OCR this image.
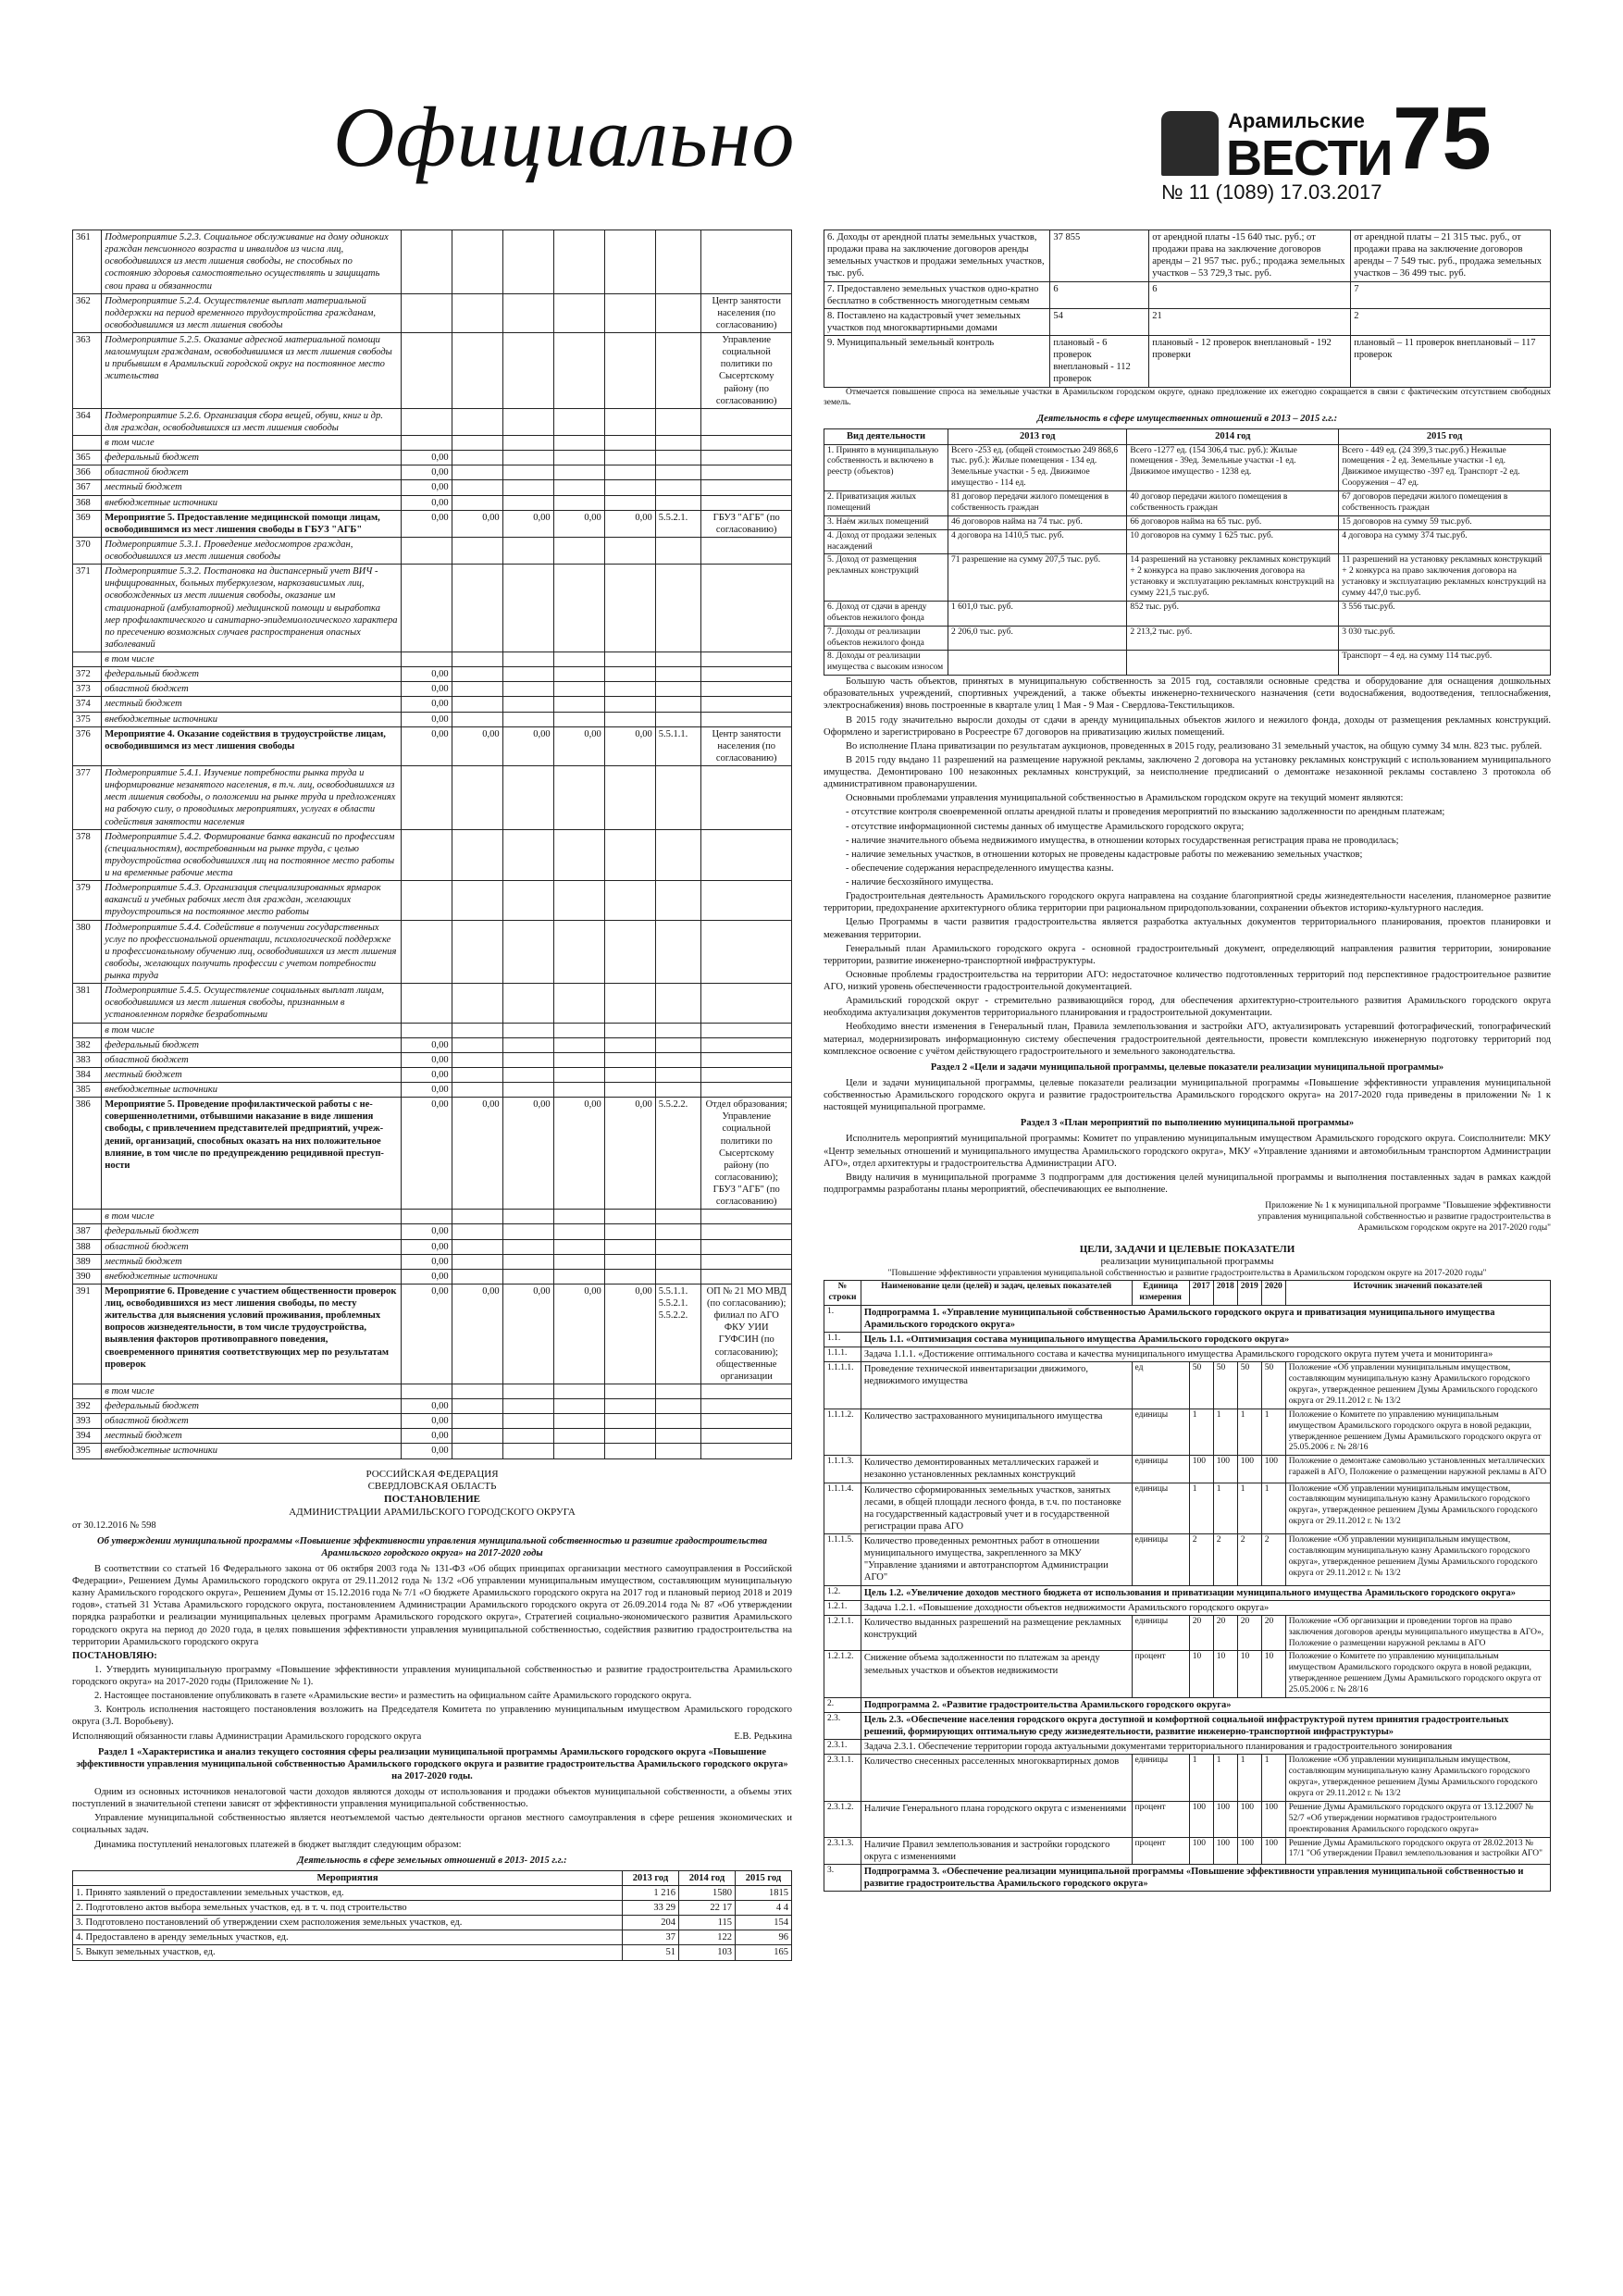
Официально	Арамильские
ВЕСТИ 75
№ 11 (1089) 17.03.2017
361	Подмероприятие 5.2.3. Социальное обслуживание на дому одиноких граждан пенсионного возраста и инвалидов из числа лиц, освободившихся из мест лишения свободы, не способных по состоянию здоровья самостоятельно осуществлять и защищать свои права и обязанности							
362	Подмероприятие 5.2.4. Осуществление выплат материальной поддержки на период временного трудоустройства гражданам, освободившимся из мест лишения свободы							Центр занятости населения (по согласованию)
363	Подмероприятие 5.2.5. Оказание адресной материальной помощи малоимущим гражданам, освободившимся из мест лишения свободы и прибывшим в Арамильский городской округ на постоянное место жительства							Управление социальной политики по Сысертскому району (по согласованию)
364	Подмероприятие 5.2.6. Организация сбора вещей, обуви, книг и др. для граждан, освободившихся из мест лишения свободы							
	в том числе							
365	федеральный бюджет	0,00						
366	областной бюджет	0,00						
367	местный бюджет	0,00						
368	внебюджетные источники	0,00						
369	Мероприятие 5. Предоставление медицинской помощи лицам, освободившимся из мест лишения свободы в ГБУЗ "АГБ"	0,00	0,00	0,00	0,00	0,00	5.5.2.1.	ГБУЗ "АГБ" (по согласованию)
370	Подмероприятие 5.3.1. Проведение медосмотров граждан, освободившихся из мест лишения свободы							
371	Подмероприятие 5.3.2. Постановка на диспансерный учет ВИЧ - инфицированных, больных туберкулезом, наркозависимых лиц, освобожденных из мест лишения свободы, оказание им стационарной (амбулаторной) медицинской помощи и выработка мер профилактического и санитарно-эпидемиологического характера по пресечению возможных случаев распространения опасных заболеваний							
	в том числе							
372	федеральный бюджет	0,00						
373	областной бюджет	0,00						
374	местный бюджет	0,00						
375	внебюджетные источники	0,00						
376	Мероприятие 4. Оказание содействия в трудоустройстве лицам, освободившимся из мест лишения свободы	0,00	0,00	0,00	0,00	0,00	5.5.1.1.	Центр занятости населения (по согласованию)
377	Подмероприятие 5.4.1. Изучение потребности рынка труда и информирование незанятого населения, в т.ч. лиц, освободившихся из мест лишения свободы, о положении на рынке труда и предложениях на рабочую силу, о проводимых мероприятиях, услугах в области содействия занятости населения							
378	Подмероприятие 5.4.2. Формирование банка вакансий по профессиям (специальностям), востребованным на рынке труда, с целью трудоустройства освободившихся лиц на постоянное место работы и на временные рабочие места							
379	Подмероприятие 5.4.3. Организация специализированных ярмарок вакансий и учебных рабочих мест для граждан, желающих трудоустроиться на постоянное место работы							
380	Подмероприятие 5.4.4. Содействие в получении государственных услуг по профессиональной ориентации, психологической поддержке и профессиональному обучению лиц, освободившихся из мест лишения свободы, желающих получить профессии с учетом потребности рынка труда							
381	Подмероприятие 5.4.5. Осуществление социальных выплат лицам, освободившимся из мест лишения свободы, признанным в установленном порядке безработными							
	в том числе							
382	федеральный бюджет	0,00						
383	областной бюджет	0,00						
384	местный бюджет	0,00						
385	внебюджетные источники	0,00						
386	Мероприятие 5. Проведение профилактической работы с не-совершеннолетними, отбывшими наказание в виде лишения свободы, с привлечением представителей предприятий, учреж-дений, организаций, способных оказать на них положительное влияние, в том числе по предупреждению рецидивной преступ-ности	0,00	0,00	0,00	0,00	0,00	5.5.2.2.	Отдел образования; Управление социальной политики по Сысертскому району (по согласованию); ГБУЗ "АГБ" (по согласованию)
	в том числе							
387	федеральный бюджет	0,00						
388	областной бюджет	0,00						
389	местный бюджет	0,00						
390	внебюджетные источники	0,00						
391	Мероприятие 6. Проведение с участием общественности проверок лиц, освободившихся из мест лишения свободы, по месту жительства для выяснения условий проживания, проблемных вопросов жизнедеятельности, в том числе трудоустройства, выявления факторов противоправного поведения, своевременного принятия соответствующих мер по результатам проверок	0,00	0,00	0,00	0,00	0,00	5.5.1.1. 5.5.2.1. 5.5.2.2.	ОП № 21 МО МВД (по согласованию); филиал по АГО ФКУ УИИ ГУФСИН (по согласованию); общественные организации
	в том числе							
392	федеральный бюджет	0,00						
393	областной бюджет	0,00						
394	местный бюджет	0,00						
395	внебюджетные источники	0,00						
РОССИЙСКАЯ ФЕДЕРАЦИЯ
СВЕРДЛОВСКАЯ ОБЛАСТЬ
ПОСТАНОВЛЕНИЕ
АДМИНИСТРАЦИИ АРАМИЛЬСКОГО ГОРОДСКОГО ОКРУГА
от 30.12.2016 № 598
Об утверждении муниципальной программы «Повышение эффективности управления муниципальной собственностью и развитие градостроительства Арамильского городского округа» на 2017-2020 годы

В соответствии со статьей 16 Федерального закона от 06 октября 2003 года № 131-ФЗ «Об общих принципах организации местного самоуправления в Российской Федерации», Решением Думы Арамильского городского округа от 29.11.2012 года № 13/2 «Об управлении муниципальным имуществом, составляющим муниципальную казну Арамильского городского округа», Решением Думы от 15.12.2016 года № 7/1 «О бюджете Арамильского городского округа на 2017 год и плановый период 2018 и 2019 годов», статьей 31 Устава Арамильского городского округа, постановлением Администрации Арамильского городского округа от 26.09.2014 года № 87 «Об утверждении порядка разработки и реализации муниципальных целевых программ Арамильского городского округа», Стратегией социально-экономического развития Арамильского городского округа на период до 2020 года, в целях повышения эффективности управления муниципальной собственностью, содействия развитию градостроительства на территории Арамильского городского округа

ПОСТАНОВЛЯЮ:

1. Утвердить муниципальную программу «Повышение эффективности управления муниципальной собственностью и развитие градостроительства Арамильского городского округа» на 2017-2020 годы (Приложение № 1).

2. Настоящее постановление опубликовать в газете «Арамильские вести» и разместить на официальном сайте Арамильского городского округа.

3. Контроль исполнения настоящего постановления возложить на Председателя Комитета по управлению муниципальным имуществом Арамильского городского округа (З.Л. Воробьеву).

Исполняющий обязанности главы Администрации Арамильского городского округа	Е.В. Редькина

Раздел 1 «Характеристика и анализ текущего состояния сферы реализации муниципальной программы Арамильского городского округа «Повышение эффективности управления муниципальной собственностью Арамильского городского округа и развитие градостроительства Арамильского городского округа» на 2017-2020 годы.

Одним из основных источников неналоговой части доходов являются доходы от использования и продажи объектов муниципальной собственности, а объемы этих поступлений в значительной степени зависят от эффективности управления муниципальной собственностью.

Управление муниципальной собственностью является неотъемлемой частью деятельности органов местного самоуправления в сфере решения экономических и социальных задач.

Динамика поступлений неналоговых платежей в бюджет выглядит следующим образом:

Деятельность в сфере земельных отношений в 2013- 2015 г.г.:

Мероприятия	2013 год	2014 год	2015 год
1. Принято заявлений о предоставлении земельных участков, ед.	1 216	1580	1815
2. Подготовлено актов выбора земельных участков, ед. в т. ч. под строительство	33 29	22 17	4 4
3. Подготовлено постановлений об утверждении схем расположения земельных участков, ед.	204	115	154
4. Предоставлено в аренду земельных участков, ед.	37	122	96
5. Выкуп земельных участков, ед.	51	103	165
6. Доходы от арендной платы земельных участков, продажи права на заключение договоров аренды земельных участков и продажи земельных участков, тыс. руб.	37 855	от арендной платы -15 640 тыс. руб.; от продажи права на заключение договоров аренды – 21 957 тыс. руб.; продажа земельных участков – 53 729,3 тыс. руб.	от арендной платы – 21 315 тыс. руб., от продажи права на заключение договоров аренды – 7 549 тыс. руб., продажа земельных участков – 36 499 тыс. руб.
7. Предоставлено земельных участков одно-кратно бесплатно в собственность многодетным семьям	6	6	7
8. Поставлено на кадастровый учет земельных участков под многоквартирными домами	54	21	2
9. Муниципальный земельный контроль	плановый - 6 проверок внеплановый - 112 проверок	плановый - 12 проверок внеплановый - 192 проверки	плановый – 11 проверок внеплановый – 117 проверок

Отмечается повышение спроса на земельные участки в Арамильском городском округе, однако предложение их ежегодно сокращается в связи с фактическим отсутствием свободных земель.

Деятельность в сфере имущественных отношений в 2013 – 2015 г.г.:

Вид деятельности	2013 год	2014 год	2015 год
1. Принято в муниципальную собственность и включено в реестр (объектов)	Всего -253 ед. (общей стоимостью 249 868,6 тыс. руб.): Жилые помещения - 134 ед. Земельные участки - 5 ед. Движимое имущество - 114 ед.	Всего -1277 ед. (154 306,4 тыс. руб.): Жилые помещения - 39ед. Земельные участки -1 ед. Движимое имущество - 1238 ед.	Всего - 449 ед. (24 399,3 тыс.руб.) Нежилые помещения - 2 ед. Земельные участки -1 ед. Движимое имущество -397 ед. Транспорт -2 ед. Сооружения – 47 ед.
2. Приватизация жилых помещений	81 договор передачи жилого помещения в собственность граждан	40 договор передачи жилого помещения в собственность граждан	67 договоров передачи жилого помещения в собственность граждан
3. Наём жилых помещений	46 договоров найма на 74 тыс. руб.	66 договоров найма на 65 тыс. руб.	15 договоров на сумму 59 тыс.руб.
4. Доход от продажи зеленых насаждений	4 договора на 1410,5 тыс. руб.	10 договоров на сумму 1 625 тыс. руб.	4 договора на сумму 374 тыс.руб.
5. Доход от размещения рекламных конструкций	71 разрешение на сумму 207,5 тыс. руб.	14 разрешений на установку рекламных конструкций + 2 конкурса на право заключения договора на установку и эксплуатацию рекламных конструкций на сумму 221,5 тыс.руб.	11 разрешений на установку рекламных конструкций + 2 конкурса на право заключения договора на установку и эксплуатацию рекламных конструкций на сумму 447,0 тыс.руб.
6. Доход от сдачи в аренду объектов нежилого фонда	1 601,0 тыс. руб.	852 тыс. руб.	3 556 тыс.руб.
7. Доходы от реализации объектов нежилого фонда	2 206,0 тыс. руб.	2 213,2 тыс. руб.	3 030 тыс.руб.
8. Доходы от реализации имущества с высоким износом			Транспорт – 4 ед. на сумму 114 тыс.руб.

Большую часть объектов, принятых в муниципальную собственность за 2015 год, составляли основные средства и оборудование для оснащения дошкольных образовательных учреждений, спортивных учреждений, а также объекты инженерно-технического назначения (сети водоснабжения, водоотведения, теплоснабжения, электроснабжения) вновь построенные в квартале улиц 1 Мая - 9 Мая - Свердлова-Текстильщиков.

В 2015 году значительно выросли доходы от сдачи в аренду муниципальных объектов жилого и нежилого фонда, доходы от размещения рекламных конструкций. Оформлено и зарегистрировано в Росреестре 67 договоров на приватизацию жилых помещений.

Во исполнение Плана приватизации по результатам аукционов, проведенных в 2015 году, реализовано 31 земельный участок, на общую сумму 34 млн. 823 тыс. рублей.

В 2015 году выдано 11 разрешений на размещение наружной рекламы, заключено 2 договора на установку рекламных конструкций с использованием муниципального имущества. Демонтировано 100 незаконных рекламных конструкций, за неисполнение предписаний о демонтаже незаконной рекламы составлено 3 протокола об административном правонарушении.

Основными проблемами управления муниципальной собственностью в Арамильском городском округе на текущий момент являются:

- отсутствие контроля своевременной оплаты арендной платы и проведения мероприятий по взысканию задолженности по арендным платежам;

- отсутствие информационной системы данных об имуществе Арамильского городского округа;

- наличие значительного объема недвижимого имущества, в отношении которых государственная регистрация права не проводилась;

- наличие земельных участков, в отношении которых не проведены кадастровые работы по межеванию земельных участков;

- обеспечение содержания нераспределенного имущества казны.

- наличие бесхозяйного имущества.

Градостроительная деятельность Арамильского городского округа направлена на создание благоприятной среды жизнедеятельности населения, планомерное развитие территории, предохранение архитектурного облика территории при рациональном природопользовании, сохранении объектов историко-культурного наследия.

Целью Программы в части развития градостроительства является разработка актуальных документов территориального планирования, проектов планировки и межевания территории.

Генеральный план Арамильского городского округа - основной градостроительный документ, определяющий направления развития территории, зонирование территории, развитие инженерно-транспортной инфраструктуры.

Основные проблемы градостроительства на территории АГО: недостаточное количество подготовленных территорий под перспективное градостроительное развитие АГО, низкий уровень обеспеченности градостроительной документацией.

Арамильский городской округ - стремительно развивающийся город, для обеспечения архитектурно-строительного развития Арамильского городского округа необходима актуализация документов территориального планирования и градостроительной документации.

Необходимо внести изменения в Генеральный план, Правила землепользования и застройки АГО, актуализировать устаревший фотографический, топографический материал, модернизировать информационную систему обеспечения градостроительной деятельности, провести комплексную инженерную подготовку территорий под комплексное освоение с учётом действующего градостроительного и земельного законодательства.

Раздел 2 «Цели и задачи муниципальной программы, целевые показатели реализации муниципальной программы»

Цели и задачи муниципальной программы, целевые показатели реализации муниципальной программы «Повышение эффективности управления муниципальной собственностью Арамильского городского округа и развитие градостроительства Арамильского городского округа» на 2017-2020 года приведены в приложении № 1 к настоящей муниципальной программе.

Раздел 3 «План мероприятий по выполнению муниципальной программы»

Исполнитель мероприятий муниципальной программы: Комитет по управлению муниципальным имуществом Арамильского городского округа. Соисполнители: МКУ «Центр земельных отношений и муниципального имущества Арамильского городского округа», МКУ «Управление зданиями и автомобильным транспортом Администрации АГО», отдел архитектуры и градостроительства Администрации АГО.

Ввиду наличия в муниципальной программе 3 подпрограмм для достижения целей муниципальной программы и выполнения поставленных задач в рамках каждой подпрограммы разработаны планы мероприятий, обеспечивающих ее выполнение.

Приложение № 1 к муниципальной программе "Повышение эффективности управления муниципальной собственностью и развитие градостроительства в Арамильском городском округе на 2017-2020 годы"
ЦЕЛИ, ЗАДАЧИ И ЦЕЛЕВЫЕ ПОКАЗАТЕЛИ
реализации муниципальной программы
"Повышение эффективности управления муниципальной собственностью и развитие градостроительства в Арамильском городском округе на 2017-2020 годы"
№ строки	Наименование цели (целей) и задач, целевых показателей	Единица измерения	2017	2018	2019	2020	Источник значений показателей
1.	Подпрограмма 1. «Управление муниципальной собственностью Арамильского городского округа и приватизация муниципального имущества Арамильского городского округа»						
1.1.	Цель 1.1. «Оптимизация состава муниципального имущества Арамильского городского округа»						
1.1.1.	Задача 1.1.1. «Достижение оптимального состава и качества муниципального имущества Арамильского городского округа путем учета и мониторинга»						
1.1.1.1.	Проведение технической инвентаризации движимого, недвижимого имущества	ед	50	50	50	50	Положение «Об управлении муниципальным имуществом, составляющим муниципальную казну Арамильского городского округа», утвержденное решением Думы Арамильского городского округа от 29.11.2012 г. № 13/2
1.1.1.2.	Количество застрахованного муниципального имущества	единицы	1	1	1	1	Положение о Комитете по управлению муниципальным имуществом Арамильского городского округа в новой редакции, утвержденное решением Думы Арамильского городского округа от 25.05.2006 г. № 28/16
1.1.1.3.	Количество демонтированных металлических гаражей и незаконно установленных рекламных конструкций	единицы	100	100	100	100	Положение о демонтаже самовольно установленных металлических гаражей в АГО, Положение о размещении наружной рекламы в АГО
1.1.1.4.	Количество сформированных земельных участков, занятых лесами, в общей площади лесного фонда, в т.ч. по постановке на государственный кадастровый учет и в государственной регистрации права АГО	единицы	1	1	1	1	Положение «Об управлении муниципальным имуществом, составляющим муниципальную казну Арамильского городского округа», утвержденное решением Думы Арамильского городского округа от 29.11.2012 г. № 13/2
1.1.1.5.	Количество проведенных ремонтных работ в отношении муниципального имущества, закрепленного за МКУ "Управление зданиями и автотранспортом Администрации АГО"	единицы	2	2	2	2	Положение «Об управлении муниципальным имуществом, составляющим муниципальную казну Арамильского городского округа», утвержденное решением Думы Арамильского городского округа от 29.11.2012 г. № 13/2
1.2.	Цель 1.2. «Увеличение доходов местного бюджета от использования и приватизации муниципального имущества Арамильского городского округа»						
1.2.1.	Задача 1.2.1. «Повышение доходности объектов недвижимости Арамильского городского округа»						
1.2.1.1.	Количество выданных разрешений на размещение рекламных конструкций	единицы	20	20	20	20	Положение «Об организации и проведении торгов на право заключения договоров аренды муниципального имущества в АГО», Положение о размещении наружной рекламы в АГО
1.2.1.2.	Снижение объема задолженности по платежам за аренду земельных участков и объектов недвижимости	процент	10	10	10	10	Положение о Комитете по управлению муниципальным имуществом Арамильского городского округа в новой редакции, утвержденное решением Думы Арамильского городского округа от 25.05.2006 г. № 28/16
2.	Подпрограмма 2. «Развитие градостроительства Арамильского городского округа»						
2.3.	Цель 2.3. «Обеспечение населения городского округа доступной и комфортной социальной инфраструктурой путем принятия градостроительных решений, формирующих оптимальную среду жизнедеятельности, развитие инженерно-транспортной инфраструктуры»						
2.3.1.	Задача 2.3.1. Обеспечение территории города актуальными документами территориального планирования и градостроительного зонирования						
2.3.1.1.	Количество снесенных расселенных многоквартирных домов	единицы	1	1	1	1	Положение «Об управлении муниципальным имуществом, составляющим муниципальную казну Арамильского городского округа», утвержденное решением Думы Арамильского городского округа от 29.11.2012 г. № 13/2
2.3.1.2.	Наличие Генерального плана городского округа с изменениями	процент	100	100	100	100	Решение Думы Арамильского городского округа от 13.12.2007 № 52/7 «Об утверждении нормативов градостроительного проектирования Арамильского городского округа»
2.3.1.3.	Наличие Правил землепользования и застройки городского округа с изменениями	процент	100	100	100	100	Решение Думы Арамильского городского округа от 28.02.2013 № 17/1 "Об утверждении Правил землепользования и застройки АГО"
3.	Подпрограмма 3. «Обеспечение реализации муниципальной программы «Повышение эффективности управления муниципальной собственностью и развитие градостроительства Арамильского городского округа»						
